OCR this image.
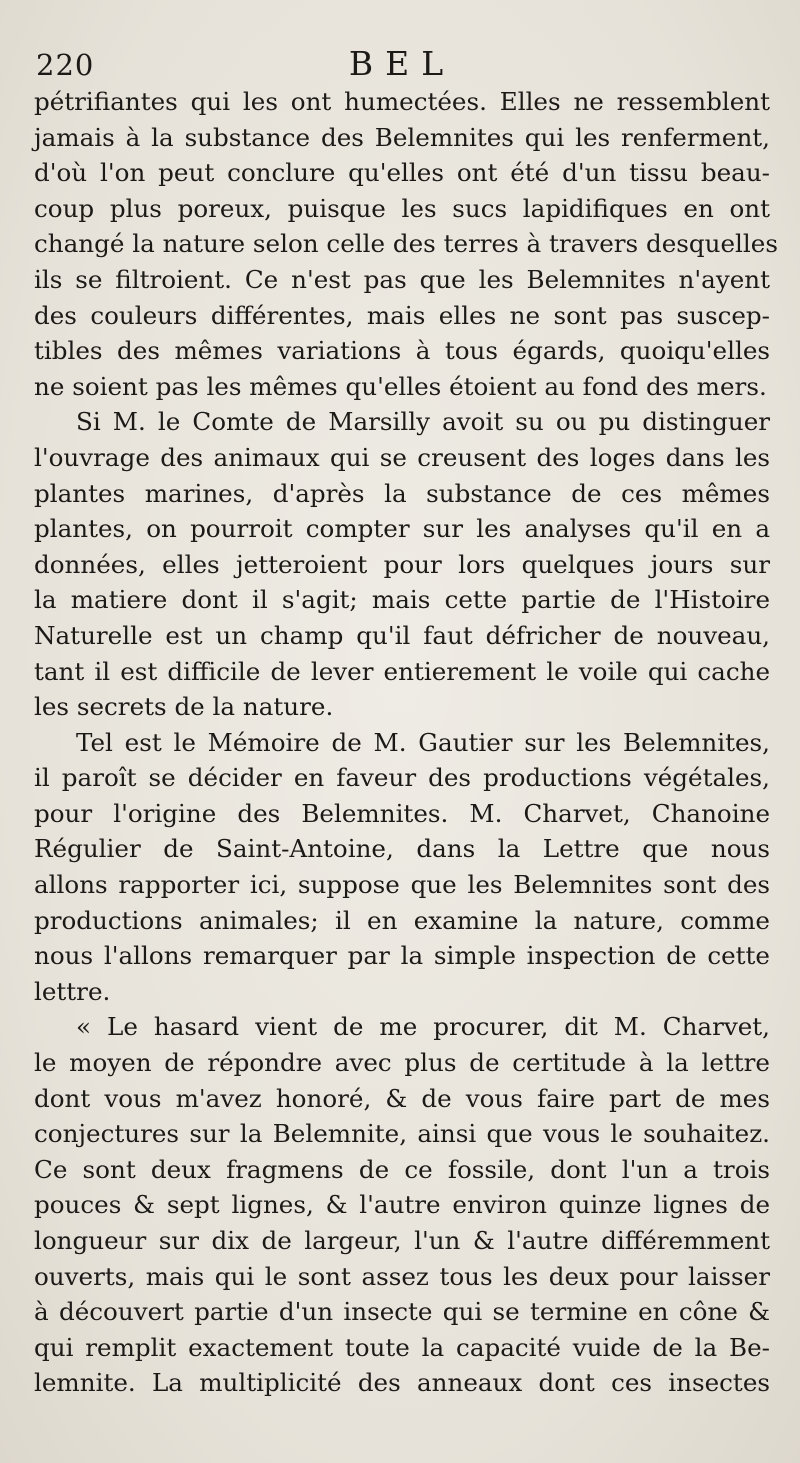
220	BEL

pétrifiantes qui les ont humectées. Elles ne ressemblent
jamais à la substance des Belemnites qui les renferment,
d'où l'on peut conclure qu'elles ont été d'un tissu beau-
coup plus poreux, puisque les sucs lapidifiques en ont
changé la nature selon celle des terres à travers desquelles
ils se filtroient. Ce n'est pas que les Belemnites n'ayent
des couleurs différentes, mais elles ne sont pas suscep-
tibles des mêmes variations à tous égards, quoiqu'elles
ne soient pas les mêmes qu'elles étoient au fond des mers.

Si M. le Comte de Marsilly avoit su ou pu distinguer
l'ouvrage des animaux qui se creusent des loges dans les
plantes marines, d'après la substance de ces mêmes
plantes, on pourroit compter sur les analyses qu'il en a
données, elles jetteroient pour lors quelques jours sur
la matiere dont il s'agit; mais cette partie de l'Histoire
Naturelle est un champ qu'il faut défricher de nouveau,
tant il est difficile de lever entierement le voile qui cache
les secrets de la nature.

Tel est le Mémoire de M. Gautier sur les Belemnites,
il paroît se décider en faveur des productions végétales,
pour l'origine des Belemnites. M. Charvet, Chanoine
Régulier de Saint-Antoine, dans la Lettre que nous
allons rapporter ici, suppose que les Belemnites sont des
productions animales; il en examine la nature, comme
nous l'allons remarquer par la simple inspection de cette
lettre.

« Le hasard vient de me procurer, dit M. Charvet,
le moyen de répondre avec plus de certitude à la lettre
dont vous m'avez honoré, & de vous faire part de mes
conjectures sur la Belemnite, ainsi que vous le souhaitez.
Ce sont deux fragmens de ce fossile, dont l'un a trois
pouces & sept lignes, & l'autre environ quinze lignes de
longueur sur dix de largeur, l'un & l'autre différemment
ouverts, mais qui le sont assez tous les deux pour laisser
à découvert partie d'un insecte qui se termine en cône &
qui remplit exactement toute la capacité vuide de la Be-
lemnite. La multiplicité des anneaux dont ces insectes
